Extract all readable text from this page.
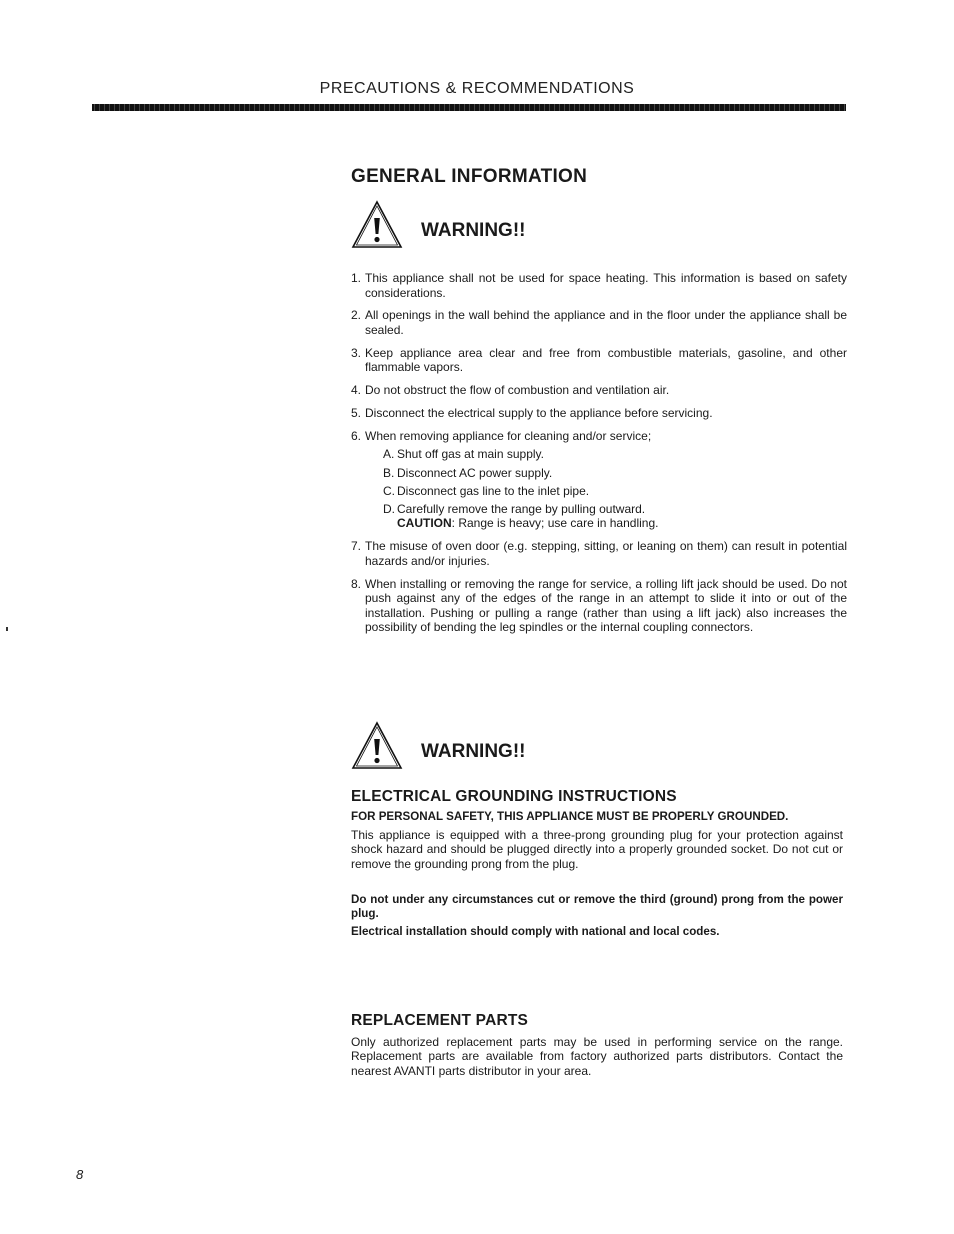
PRECAUTIONS & RECOMMENDATIONS
GENERAL INFORMATION
WARNING!!
1. This appliance shall not be used for space heating. This information is based on safety considerations.
2. All openings in the wall behind the appliance and in the floor under the appliance shall be sealed.
3. Keep appliance area clear and free from combustible materials, gasoline, and other flammable vapors.
4. Do not obstruct the flow of combustion and ventilation air.
5. Disconnect the electrical supply to the appliance before servicing.
6. When removing appliance for cleaning and/or service;
A. Shut off gas at main supply.
B. Disconnect AC power supply.
C. Disconnect gas line to the inlet pipe.
D. Carefully remove the range by pulling outward.
CAUTION: Range is heavy; use care in handling.
7. The misuse of oven door (e.g. stepping, sitting, or leaning on them) can result in potential hazards and/or injuries.
8. When installing or removing the range for service, a rolling lift jack should be used. Do not push against any of the edges of the range in an attempt to slide it into or out of the installation. Pushing or pulling a range (rather than using a lift jack) also increases the possibility of bending the leg spindles or the internal coupling connectors.
WARNING!!
ELECTRICAL GROUNDING INSTRUCTIONS

FOR PERSONAL SAFETY, THIS APPLIANCE MUST BE PROPERLY GROUNDED.

This appliance is equipped with a three-prong grounding plug for your protection against shock hazard and should be plugged directly into a properly grounded socket. Do not cut or remove the grounding prong from the plug.

Do not under any circumstances cut or remove the third (ground) prong from the power plug.

Electrical installation should comply with national and local codes.

REPLACEMENT PARTS

Only authorized replacement parts may be used in performing service on the range. Replacement parts are available from factory authorized parts distributors. Contact the nearest AVANTI parts distributor in your area.

8
